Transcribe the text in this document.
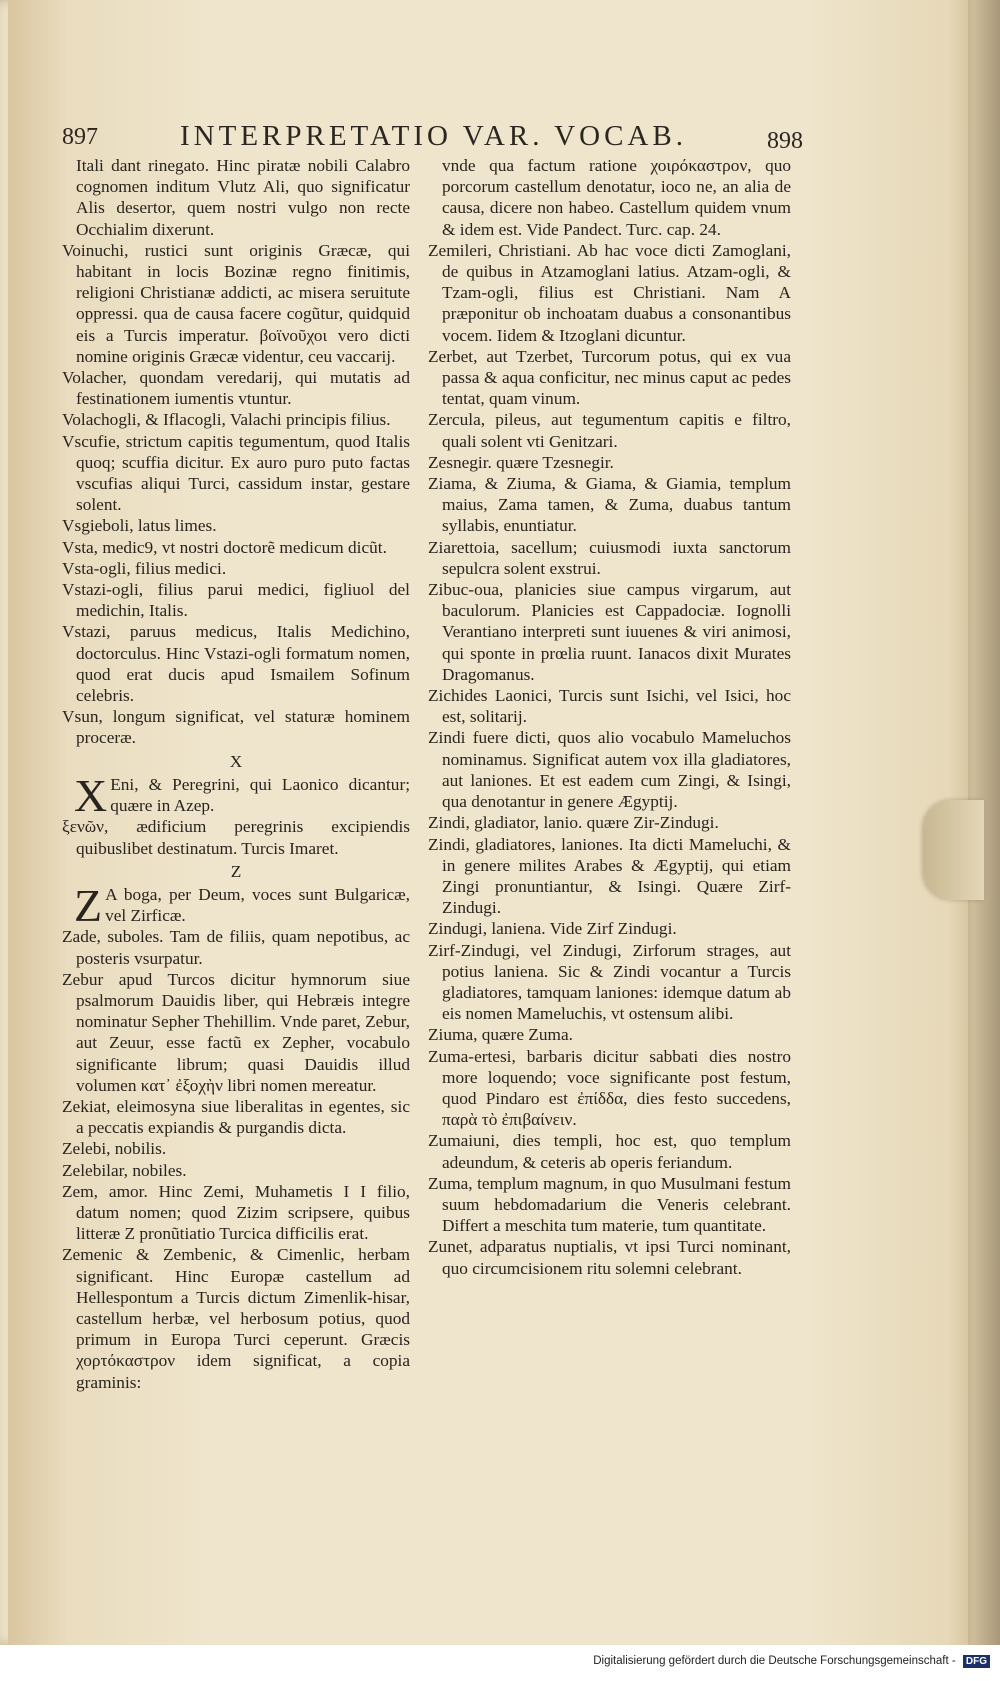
897	INTERPRETATIO VAR. VOCAB.	898

Itali dant rinegato. Hinc piratæ nobili Calabro cognomen inditum Vlutz Ali, quo significatur Alis desertor, quem nostri vulgo non recte Occhialim dixerunt.

Voinuchi, rustici sunt originis Græcæ, qui habitant in locis Bozinæ regno finitimis, religioni Christianæ addicti, ac misera seruitute oppressi. qua de causa facere cogũtur, quidquid eis a Turcis imperatur. βοϊνοῦχοι vero dicti nomine originis Græcæ videntur, ceu vaccarij.

Volacher, quondam veredarij, qui mutatis ad festinationem iumentis vtuntur.

Volachogli, & Iflacogli, Valachi principis filius.

Vscufie, strictum capitis tegumentum, quod Italis quoq; scuffia dicitur. Ex auro puro puto factas vscufias aliqui Turci, cassidum instar, gestare solent.

Vsgieboli, latus limes.

Vsta, medic9, vt nostri doctorẽ medicum dicũt.

Vsta-ogli, filius medici.

Vstazi-ogli, filius parui medici, figliuol del medichin, Italis.

Vstazi, paruus medicus, Italis Medichino, doctorculus. Hinc Vstazi-ogli formatum nomen, quod erat ducis apud Ismailem Sofinum celebris.

Vsun, longum significat, vel staturæ hominem proceræ.

X

X Eni, & Peregrini, qui Laonico dicantur; quære in Azep.

ξενῶν, ædificium peregrinis excipiendis quibuslibet destinatum. Turcis Imaret.

Z

Z A boga, per Deum, voces sunt Bulgaricæ, vel Zirficæ.

Zade, suboles. Tam de filiis, quam nepotibus, ac posteris vsurpatur.

Zebur apud Turcos dicitur hymnorum siue psalmorum Dauidis liber, qui Hebræis integre nominatur Sepher Thehillim. Vnde paret, Zebur, aut Zeuur, esse factũ ex Zepher, vocabulo significante librum; quasi Dauidis illud volumen κατ᾽ ἐξοχὴν libri nomen mereatur.

Zekiat, eleimosyna siue liberalitas in egentes, sic a peccatis expiandis & purgandis dicta.

Zelebi, nobilis.

Zelebilar, nobiles.

Zem, amor. Hinc Zemi, Muhametis I I filio, datum nomen; quod Zizim scripsere, quibus litteræ Z pronũtiatio Turcica difficilis erat.

Zemenic & Zembenic, & Cimenlic, herbam significant. Hinc Europæ castellum ad Hellespontum a Turcis dictum Zimenlik-hisar, castellum herbæ, vel herbosum potius, quod primum in Europa Turci ceperunt. Græcis χορτόκαστρον idem significat, a copia graminis:

vnde qua factum ratione χοιρόκαστρον, quo porcorum castellum denotatur, ioco ne, an alia de causa, dicere non habeo. Castellum quidem vnum & idem est. Vide Pandect. Turc. cap. 24.

Zemileri, Christiani. Ab hac voce dicti Zamoglani, de quibus in Atzamoglani latius. Atzam-ogli, & Tzam-ogli, filius est Christiani. Nam A præponitur ob inchoatam duabus a consonantibus vocem. Iidem & Itzoglani dicuntur.

Zerbet, aut Tzerbet, Turcorum potus, qui ex vua passa & aqua conficitur, nec minus caput ac pedes tentat, quam vinum.

Zercula, pileus, aut tegumentum capitis e filtro, quali solent vti Genitzari.

Zesnegir. quære Tzesnegir.

Ziama, & Ziuma, & Giama, & Giamia, templum maius, Zama tamen, & Zuma, duabus tantum syllabis, enuntiatur.

Ziarettoia, sacellum; cuiusmodi iuxta sanctorum sepulcra solent exstrui.

Zibuc-oua, planicies siue campus virgarum, aut baculorum. Planicies est Cappadociæ. Iognolli Verantiano interpreti sunt iuuenes & viri animosi, qui sponte in prœlia ruunt. Ianacos dixit Murates Dragomanus.

Zichides Laonici, Turcis sunt Isichi, vel Isici, hoc est, solitarij.

Zindi fuere dicti, quos alio vocabulo Mameluchos nominamus. Significat autem vox illa gladiatores, aut laniones. Et est eadem cum Zingi, & Isingi, qua denotantur in genere Ægyptij.

Zindi, gladiator, lanio. quære Zir-Zindugi.

Zindi, gladiatores, laniones. Ita dicti Mameluchi, & in genere milites Arabes & Ægyptij, qui etiam Zingi pronuntiantur, & Isingi. Quære Zirf-Zindugi.

Zindugi, laniena. Vide Zirf Zindugi.

Zirf-Zindugi, vel Zindugi, Zirforum strages, aut potius laniena. Sic & Zindi vocantur a Turcis gladiatores, tamquam laniones: idemque datum ab eis nomen Mameluchis, vt ostensum alibi.

Ziuma, quære Zuma.

Zuma-ertesi, barbaris dicitur sabbati dies nostro more loquendo; voce significante post festum, quod Pindaro est ἐπίδδα, dies festo succedens, παρὰ τὸ ἐπιβαίνειν.

Zumaiuni, dies templi, hoc est, quo templum adeundum, & ceteris ab operis feriandum.

Zuma, templum magnum, in quo Musulmani festum suum hebdomadarium die Veneris celebrant. Differt a meschita tum materie, tum quantitate.

Zunet, adparatus nuptialis, vt ipsi Turci nominant, quo circumcisionem ritu solemni celebrant.

Digitalisierung gefördert durch die Deutsche Forschungsgemeinschaft - DFG
